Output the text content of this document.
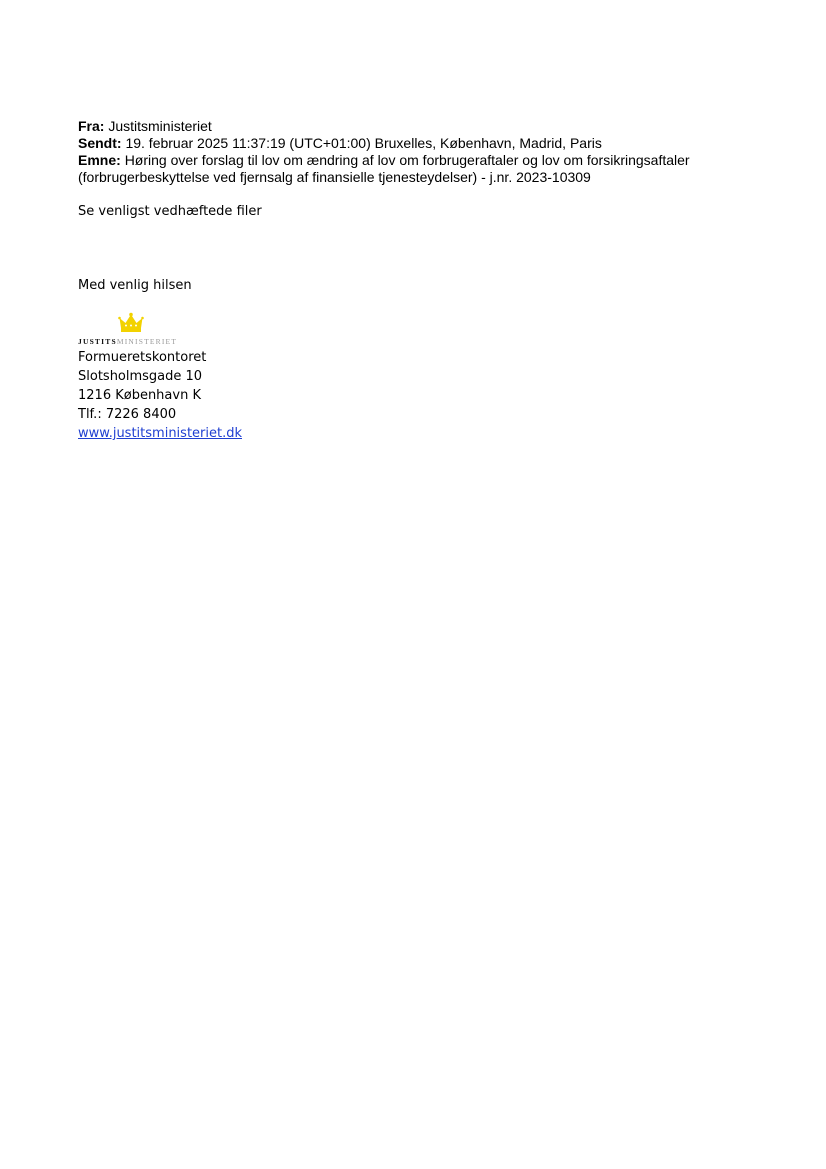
Fra: Justitsministeriet
Sendt: 19. februar 2025 11:37:19 (UTC+01:00) Bruxelles, København, Madrid, Paris
Emne: Høring over forslag til lov om ændring af lov om forbrugeraftaler og lov om forsikringsaftaler
(forbrugerbeskyttelse ved fjernsalg af finansielle tjenesteydelser) - j.nr. 2023-10309
Se venligst vedhæftede filer
Med venlig hilsen
JUSTITSMINISTERIET
Formueretskontoret
Slotsholmsgade 10
1216 København K
Tlf.: 7226 8400
www.justitsministeriet.dk
